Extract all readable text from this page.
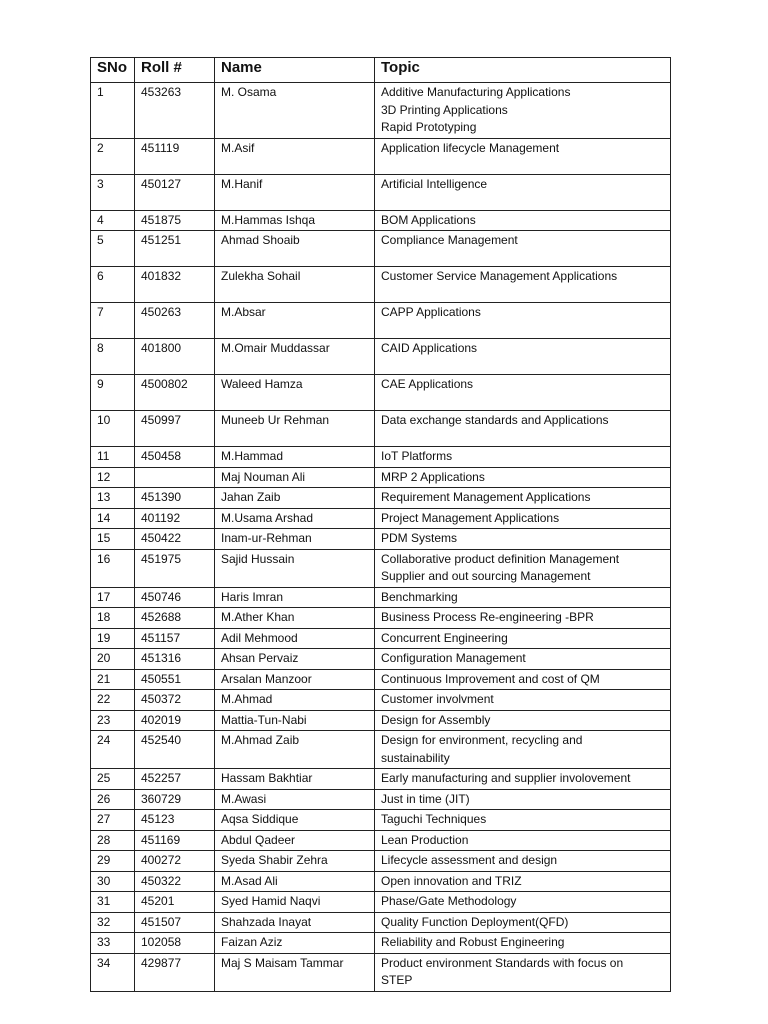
SNo	Roll #	Name	Topic
1	453263	M. Osama	Additive Manufacturing Applications
3D Printing Applications
Rapid Prototyping

2	451119	M.Asif	Application lifecycle Management

3	450127	M.Hanif	Artificial Intelligence

4	451875	M.Hammas Ishqa	BOM Applications

5	451251	Ahmad Shoaib	Compliance Management

6	401832	Zulekha Sohail	Customer Service Management Applications

7	450263	M.Absar	CAPP Applications

8	401800	M.Omair Muddassar	CAID Applications

9	4500802	Waleed Hamza	CAE Applications

10	450997	Muneeb Ur Rehman	Data exchange standards and Applications

11	450458	M.Hammad	IoT Platforms

12		Maj Nouman Ali	MRP 2 Applications

13	451390	Jahan Zaib	Requirement Management Applications

14	401192	M.Usama Arshad	Project Management Applications

15	450422	Inam-ur-Rehman	PDM Systems

16	451975	Sajid Hussain	Collaborative product definition Management
Supplier and out sourcing Management

17	450746	Haris Imran	Benchmarking

18	452688	M.Ather Khan	Business Process Re-engineering -BPR

19	451157	Adil Mehmood	Concurrent Engineering

20	451316	Ahsan Pervaiz	Configuration Management

21	450551	Arsalan Manzoor	Continuous Improvement and cost of QM

22	450372	M.Ahmad	Customer involvment

23	402019	Mattia-Tun-Nabi	Design for Assembly

24	452540	M.Ahmad Zaib	Design for environment, recycling and
sustainability

25	452257	Hassam Bakhtiar	Early manufacturing and supplier involovement

26	360729	M.Awasi	Just in time (JIT)

27	45123	Aqsa Siddique	Taguchi Techniques

28	451169	Abdul Qadeer	Lean Production

29	400272	Syeda Shabir Zehra	Lifecycle assessment and design

30	450322	M.Asad Ali	Open innovation and TRIZ

31	45201	Syed Hamid Naqvi	Phase/Gate Methodology

32	451507	Shahzada Inayat	Quality Function Deployment(QFD)

33	102058	Faizan Aziz	Reliability and Robust Engineering

34	429877	Maj S Maisam Tammar	Product environment Standards with focus on
STEP
